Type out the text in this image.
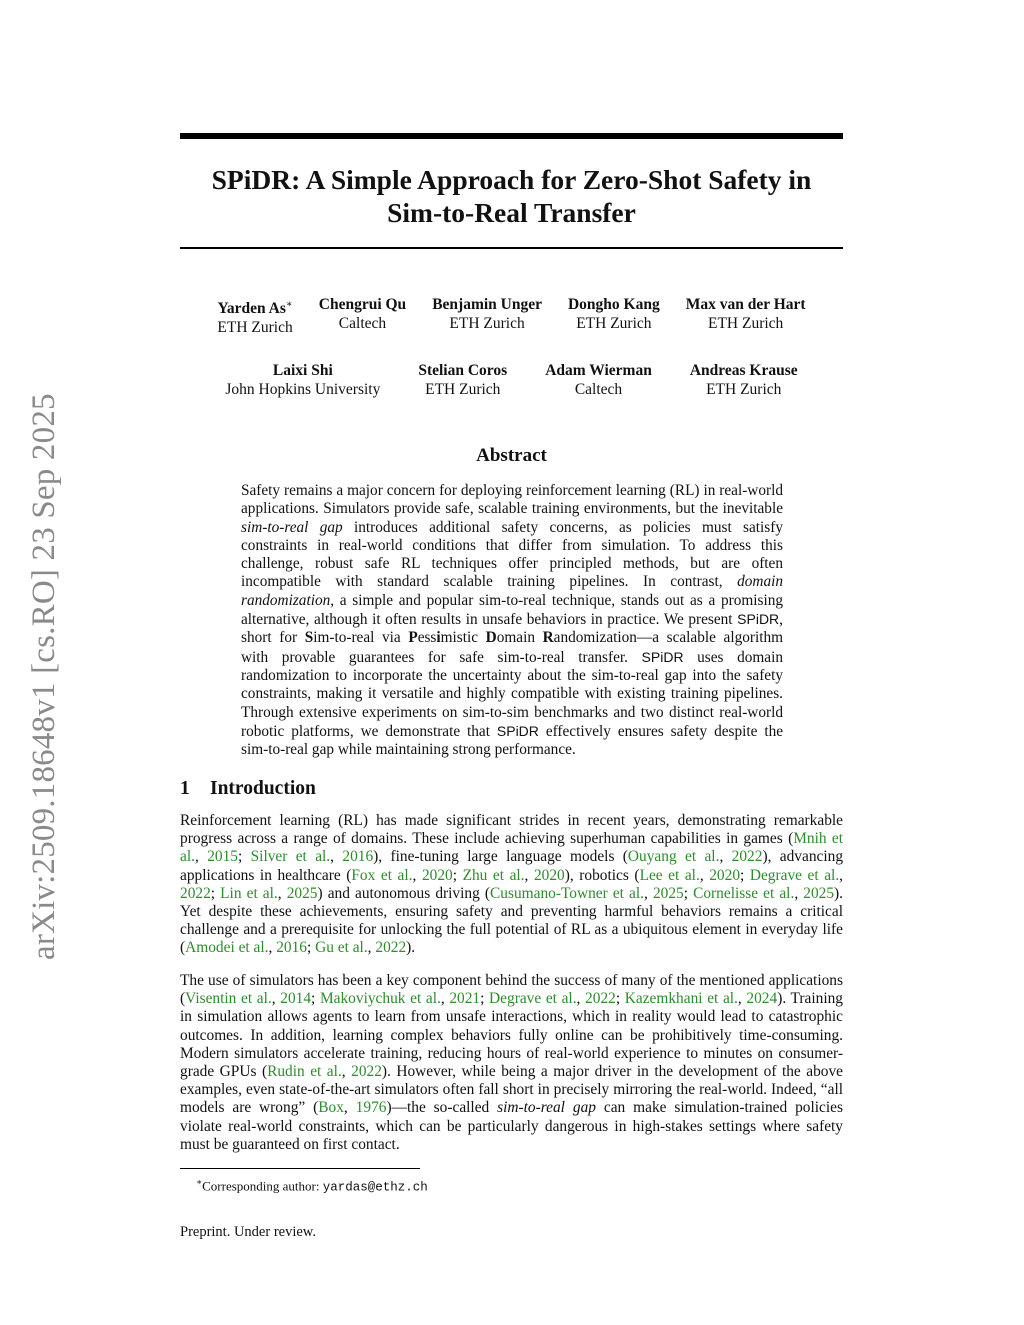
arXiv:2509.18648v1 [cs.RO] 23 Sep 2025
SPiDR: A Simple Approach for Zero-Shot Safety in
Sim-to-Real Transfer
Yarden As∗
ETH Zurich
Chengrui Qu
Caltech
Benjamin Unger
ETH Zurich
Dongho Kang
ETH Zurich
Max van der Hart
ETH Zurich
Laixi Shi
John Hopkins University
Stelian Coros
ETH Zurich
Adam Wierman
Caltech
Andreas Krause
ETH Zurich
Abstract

Safety remains a major concern for deploying reinforcement learning (RL) in real-world applications. Simulators provide safe, scalable training environments, but the inevitable sim-to-real gap introduces additional safety concerns, as policies must satisfy constraints in real-world conditions that differ from simulation. To address this challenge, robust safe RL techniques offer principled methods, but are often incompatible with standard scalable training pipelines. In contrast, domain randomization, a simple and popular sim-to-real technique, stands out as a promising alternative, although it often results in unsafe behaviors in practice. We present SPiDR, short for Sim-to-real via Pessimistic Domain Randomization—a scalable algorithm with provable guarantees for safe sim-to-real transfer. SPiDR uses domain randomization to incorporate the uncertainty about the sim-to-real gap into the safety constraints, making it versatile and highly compatible with existing training pipelines. Through extensive experiments on sim-to-sim benchmarks and two distinct real-world robotic platforms, we demonstrate that SPiDR effectively ensures safety despite the sim-to-real gap while maintaining strong performance.

1 Introduction

Reinforcement learning (RL) has made significant strides in recent years, demonstrating remarkable progress across a range of domains. These include achieving superhuman capabilities in games (Mnih et al., 2015; Silver et al., 2016), fine-tuning large language models (Ouyang et al., 2022), advancing applications in healthcare (Fox et al., 2020; Zhu et al., 2020), robotics (Lee et al., 2020; Degrave et al., 2022; Lin et al., 2025) and autonomous driving (Cusumano-Towner et al., 2025; Cornelisse et al., 2025). Yet despite these achievements, ensuring safety and preventing harmful behaviors remains a critical challenge and a prerequisite for unlocking the full potential of RL as a ubiquitous element in everyday life (Amodei et al., 2016; Gu et al., 2022).

The use of simulators has been a key component behind the success of many of the mentioned applications (Visentin et al., 2014; Makoviychuk et al., 2021; Degrave et al., 2022; Kazemkhani et al., 2024). Training in simulation allows agents to learn from unsafe interactions, which in reality would lead to catastrophic outcomes. In addition, learning complex behaviors fully online can be prohibitively time-consuming. Modern simulators accelerate training, reducing hours of real-world experience to minutes on consumer-grade GPUs (Rudin et al., 2022). However, while being a major driver in the development of the above examples, even state-of-the-art simulators often fall short in precisely mirroring the real-world. Indeed, “all models are wrong” (Box, 1976)—the so-called sim-to-real gap can make simulation-trained policies violate real-world constraints, which can be particularly dangerous in high-stakes settings where safety must be guaranteed on first contact.

∗Corresponding author: yardas@ethz.ch

Preprint. Under review.
